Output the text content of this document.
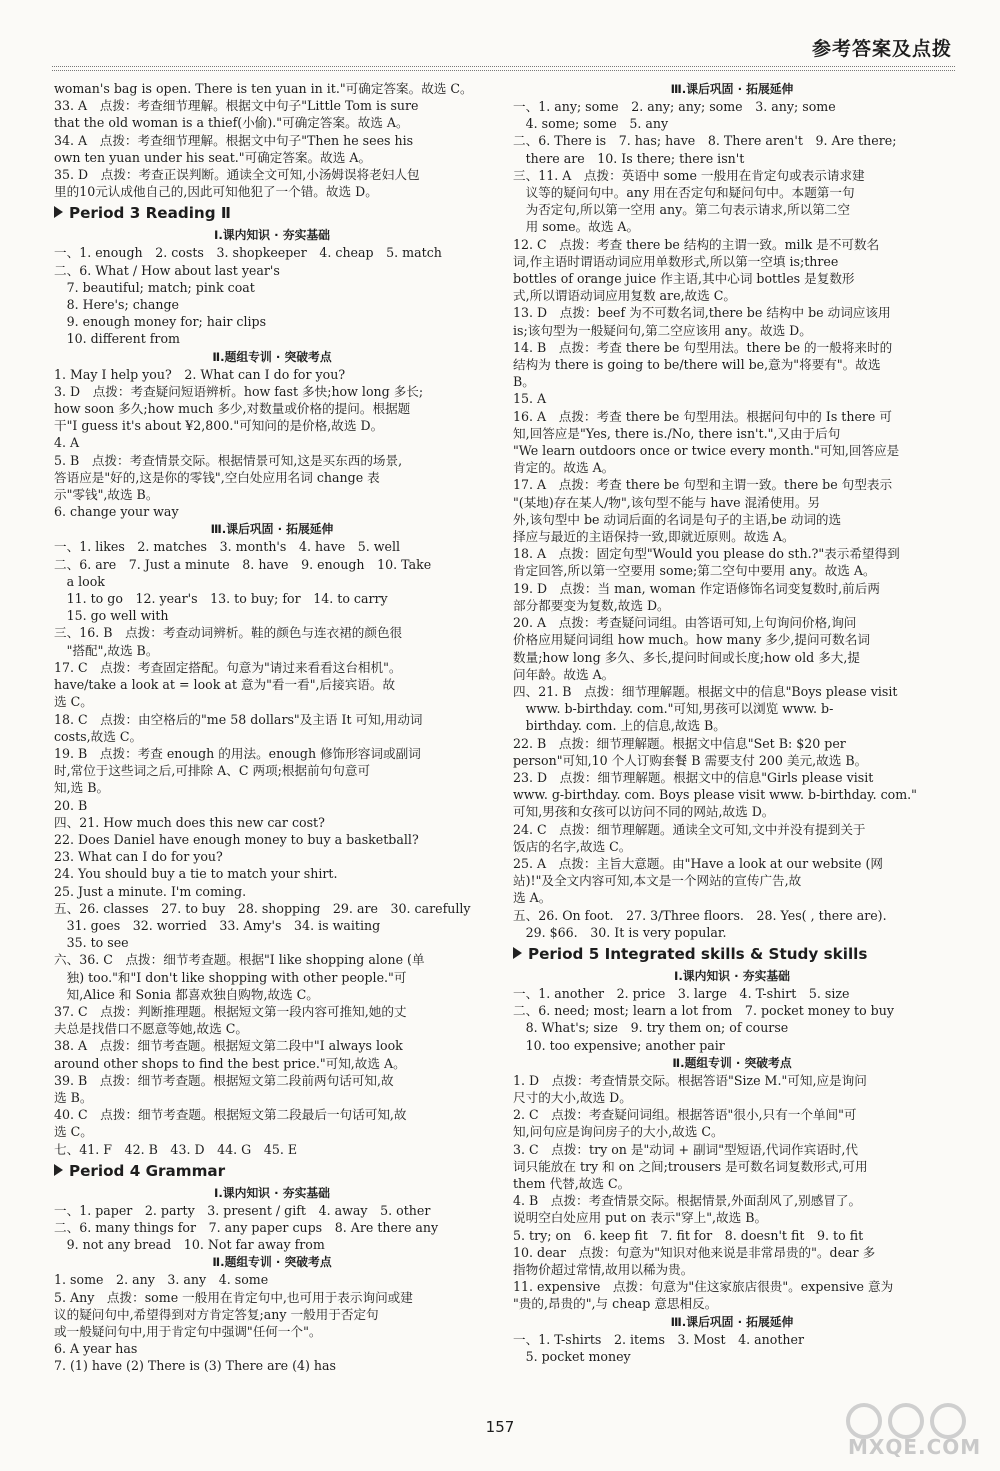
参考答案及点拨
woman's bag is open. There is ten yuan in it."可确定答案。故选 C。
33. A　点拨：考查细节理解。根据文中句子"Little Tom is sure
that the old woman is a thief(小偷)."可确定答案。故选 A。
34. A　点拨：考查细节理解。根据文中句子"Then he sees his
own ten yuan under his seat."可确定答案。故选 A。
35. D　点拨：考查正误判断。通读全文可知,小汤姆误将老妇人包
里的10元认成他自己的,因此可知他犯了一个错。故选 D。
Period 3 Reading Ⅱ
Ⅰ.课内知识 · 夯实基础
一、1. enough　2. costs　3. shopkeeper　4. cheap　5. match
二、6. What / How about last year's
　7. beautiful; match; pink coat
　8. Here's; change
　9. enough money for; hair clips
　10. different from
Ⅱ.题组专训 · 突破考点
1. May I help you?　2. What can I do for you?
3. D　点拨：考查疑问短语辨析。how fast 多快;how long 多长;
how soon 多久;how much 多少,对数量或价格的提问。根据题
干"I guess it's about ¥2,800."可知问的是价格,故选 D。
4. A
5. B　点拨：考查情景交际。根据情景可知,这是买东西的场景,
答语应是"好的,这是你的零钱",空白处应用名词 change 表
示"零钱",故选 B。
6. change your way
Ⅲ.课后巩固 · 拓展延伸
一、1. likes　2. matches　3. month's　4. have　5. well
二、6. are　7. Just a minute　8. have　9. enough　10. Take
　a look
　11. to go　12. year's　13. to buy; for　14. to carry
　15. go well with
三、16. B　点拨：考查动词辨析。鞋的颜色与连衣裙的颜色很
　"搭配",故选 B。
17. C　点拨：考查固定搭配。句意为"请过来看看这台相机"。
have/take a look at = look at 意为"看一看",后接宾语。故
选 C。
18. C　点拨：由空格后的"me 58 dollars"及主语 It 可知,用动词
costs,故选 C。
19. B　点拨：考查 enough 的用法。enough 修饰形容词或副词
时,常位于这些词之后,可排除 A、C 两项;根据前句句意可
知,选 B。
20. B
四、21. How much does this new car cost?
22. Does Daniel have enough money to buy a basketball?
23. What can I do for you?
24. You should buy a tie to match your shirt.
25. Just a minute. I'm coming.
五、26. classes　27. to buy　28. shopping　29. are　30. carefully
　31. goes　32. worried　33. Amy's　34. is waiting
　35. to see
六、36. C　点拨：细节考查题。根据"I like shopping alone (单
　独) too."和"I don't like shopping with other people."可
　知,Alice 和 Sonia 都喜欢独自购物,故选 C。
37. C　点拨：判断推理题。根据短文第一段内容可推知,她的丈
夫总是找借口不愿意等她,故选 C。
38. A　点拨：细节考查题。根据短文第二段中"I always look
around other shops to find the best price."可知,故选 A。
39. B　点拨：细节考查题。根据短文第二段前两句话可知,故
选 B。
40. C　点拨：细节考查题。根据短文第二段最后一句话可知,故
选 C。
七、41. F　42. B　43. D　44. G　45. E
Period 4 Grammar
Ⅰ.课内知识 · 夯实基础
一、1. paper　2. party　3. present / gift　4. away　5. other
二、6. many things for　7. any paper cups　8. Are there any
　9. not any bread　10. Not far away from
Ⅱ.题组专训 · 突破考点
1. some　2. any　3. any　4. some
5. Any　点拨：some 一般用在肯定句中,也可用于表示询问或建
议的疑问句中,希望得到对方肯定答复;any 一般用于否定句
或一般疑问句中,用于肯定句中强调"任何一个"。
6. A year has
7. (1) have (2) There is (3) There are (4) has
Ⅲ.课后巩固 · 拓展延伸
一、1. any; some　2. any; any; some　3. any; some
　4. some; some　5. any
二、6. There is　7. has; have　8. There aren't　9. Are there;
　there are　10. Is there; there isn't
三、11. A　点拨：英语中 some 一般用在肯定句或表示请求建
　议等的疑问句中。any 用在否定句和疑问句中。本题第一句
　为否定句,所以第一空用 any。第二句表示请求,所以第二空
　用 some。故选 A。
12. C　点拨：考查 there be 结构的主谓一致。milk 是不可数名
词,作主语时谓语动词应用单数形式,所以第一空填 is;three
bottles of orange juice 作主语,其中心词 bottles 是复数形
式,所以谓语动词应用复数 are,故选 C。
13. D　点拨：beef 为不可数名词,there be 结构中 be 动词应该用
is;该句型为一般疑问句,第二空应该用 any。故选 D。
14. B　点拨：考查 there be 句型用法。there be 的一般将来时的
结构为 there is going to be/there will be,意为"将要有"。故选
B。
15. A
16. A　点拨：考查 there be 句型用法。根据问句中的 Is there 可
知,回答应是"Yes, there is./No, there isn't.",又由于后句
"We learn outdoors once or twice every month."可知,回答应是
肯定的。故选 A。
17. A　点拨：考查 there be 句型和主谓一致。there be 句型表示
"(某地)存在某人/物",该句型不能与 have 混淆使用。另
外,该句型中 be 动词后面的名词是句子的主语,be 动词的选
择应与最近的主语保持一致,即就近原则。故选 A。
18. A　点拨：固定句型"Would you please do sth.?"表示希望得到
肯定回答,所以第一空要用 some;第二空句中要用 any。故选 A。
19. D　点拨：当 man, woman 作定语修饰名词变复数时,前后两
部分都要变为复数,故选 D。
20. A　点拨：考查疑问词组。由答语可知,上句询问价格,询问
价格应用疑问词组 how much。how many 多少,提问可数名词
数量;how long 多久、多长,提问时间或长度;how old 多大,提
问年龄。故选 A。
四、21. B　点拨：细节理解题。根据文中的信息"Boys please visit
　www. b-birthday. com."可知,男孩可以浏览 www. b-
　birthday. com. 上的信息,故选 B。
22. B　点拨：细节理解题。根据文中信息"Set B: $20 per
person"可知,10 个人订购套餐 B 需要支付 200 美元,故选 B。
23. D　点拨：细节理解题。根据文中的信息"Girls please visit
www. g-birthday. com. Boys please visit www. b-birthday. com."
可知,男孩和女孩可以访问不同的网站,故选 D。
24. C　点拨：细节理解题。通读全文可知,文中并没有提到关于
饭店的名字,故选 C。
25. A　点拨：主旨大意题。由"Have a look at our website (网
站)!"及全文内容可知,本文是一个网站的宣传广告,故
选 A。
五、26. On foot.　27. 3/Three floors.　28. Yes( , there are).
　29. $66.　30. It is very popular.
Period 5 Integrated skills & Study skills
Ⅰ.课内知识 · 夯实基础
一、1. another　2. price　3. large　4. T-shirt　5. size
二、6. need; most; learn a lot from　7. pocket money to buy
　8. What's; size　9. try them on; of course
　10. too expensive; another pair
Ⅱ.题组专训 · 突破考点
1. D　点拨：考查情景交际。根据答语"Size M."可知,应是询问
尺寸的大小,故选 D。
2. C　点拨：考查疑问词组。根据答语"很小,只有一个单间"可
知,问句应是询问房子的大小,故选 C。
3. C　点拨：try on 是"动词 + 副词"型短语,代词作宾语时,代
词只能放在 try 和 on 之间;trousers 是可数名词复数形式,可用
them 代替,故选 C。
4. B　点拨：考查情景交际。根据情景,外面刮风了,别感冒了。
说明空白处应用 put on 表示"穿上",故选 B。
5. try; on　6. keep fit　7. fit for　8. doesn't fit　9. to fit
10. dear　点拨：句意为"知识对他来说是非常昂贵的"。dear 多
指物价超过常情,故用以稀为贵。
11. expensive　点拨：句意为"住这家旅店很贵"。expensive 意为
"贵的,昂贵的",与 cheap 意思相反。
Ⅲ.课后巩固 · 拓展延伸
一、1. T-shirts　2. items　3. Most　4. another
　5. pocket money
157
MXQE.COM
